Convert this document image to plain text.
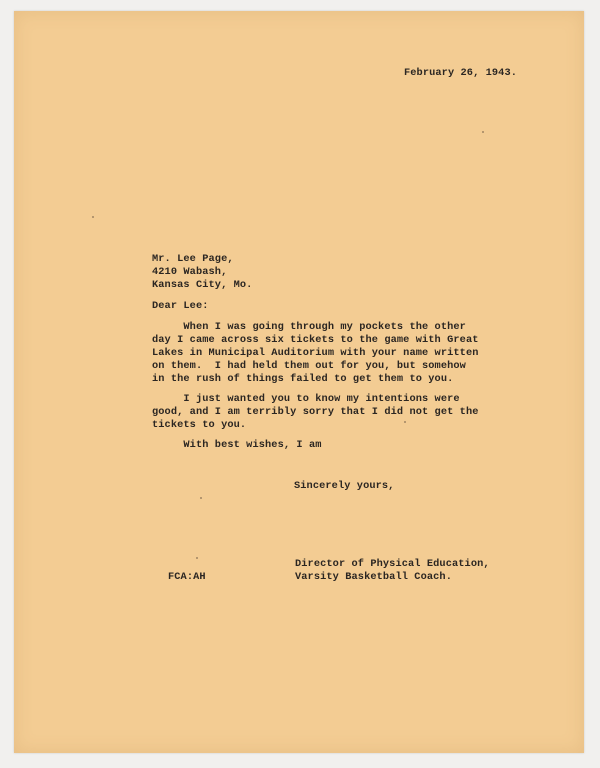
February 26, 1943.

Mr. Lee Page,

4210 Wabash,

Kansas City, Mo.

Dear Lee:

When I was going through my pockets the other

day I came across six tickets to the game with Great

Lakes in Municipal Auditorium with your name written

on them.  I had held them out for you, but somehow

in the rush of things failed to get them to you.

I just wanted you to know my intentions were

good, and I am terribly sorry that I did not get the

tickets to you.

With best wishes, I am

Sincerely yours,

Director of Physical Education,

Varsity Basketball Coach.

FCA:AH
